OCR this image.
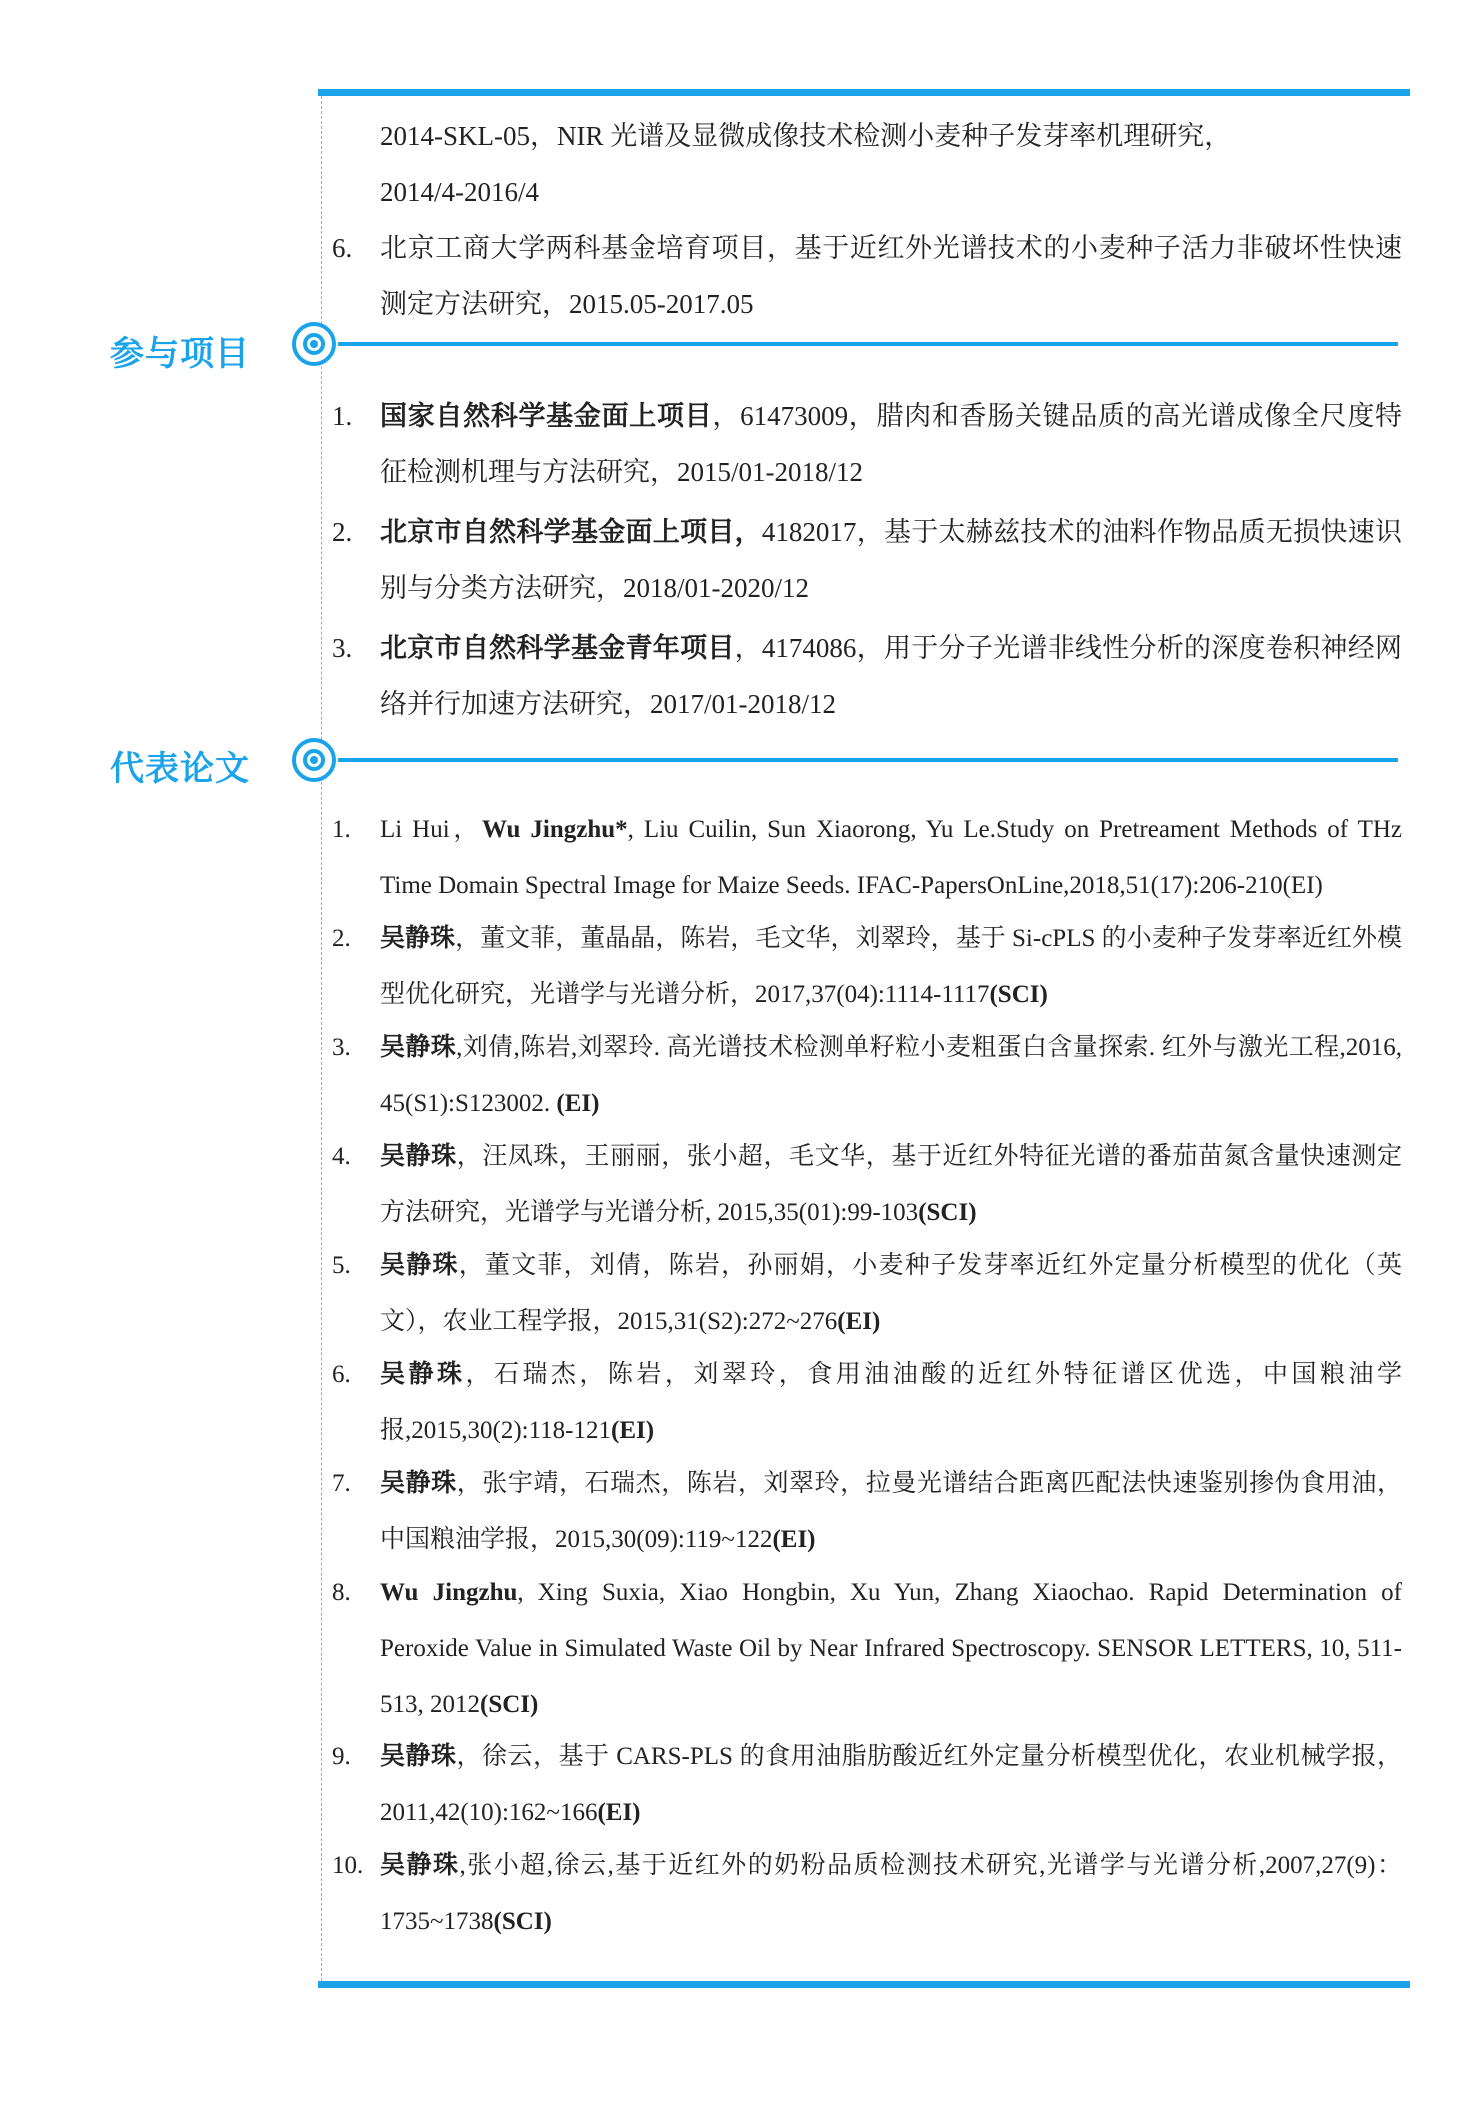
2014-SKL-05，NIR 光谱及显微成像技术检测小麦种子发芽率机理研究，
2014/4-2016/4
6. 北京工商大学两科基金培育项目，基于近红外光谱技术的小麦种子活力非破坏性快速测定方法研究，2015.05-2017.05
参与项目
1. 国家自然科学基金面上项目，61473009，腊肉和香肠关键品质的高光谱成像全尺度特征检测机理与方法研究，2015/01-2018/12
2. 北京市自然科学基金面上项目，4182017，基于太赫兹技术的油料作物品质无损快速识别与分类方法研究，2018/01-2020/12
3. 北京市自然科学基金青年项目，4174086，用于分子光谱非线性分析的深度卷积神经网络并行加速方法研究，2017/01-2018/12
代表论文
1. Li Hui，Wu Jingzhu*, Liu Cuilin, Sun Xiaorong, Yu Le.Study on Pretreament Methods of THz Time Domain Spectral Image for Maize Seeds. IFAC-PapersOnLine,2018,51(17):206-210(EI)
2. 吴静珠，董文菲，董晶晶，陈岩，毛文华，刘翠玲，基于 Si-cPLS 的小麦种子发芽率近红外模型优化研究，光谱学与光谱分析，2017,37(04):1114-1117(SCI)
3. 吴静珠,刘倩,陈岩,刘翠玲. 高光谱技术检测单籽粒小麦粗蛋白含量探索. 红外与激光工程,2016, 45(S1):S123002. (EI)
4. 吴静珠，汪凤珠，王丽丽，张小超，毛文华，基于近红外特征光谱的番茄苗氮含量快速测定方法研究，光谱学与光谱分析, 2015,35(01):99-103(SCI)
5. 吴静珠，董文菲，刘倩，陈岩，孙丽娟，小麦种子发芽率近红外定量分析模型的优化（英文），农业工程学报，2015,31(S2):272~276(EI)
6. 吴静珠，石瑞杰，陈岩，刘翠玲，食用油油酸的近红外特征谱区优选，中国粮油学报,2015,30(2):118-121(EI)
7. 吴静珠，张宇靖，石瑞杰，陈岩，刘翠玲，拉曼光谱结合距离匹配法快速鉴别掺伪食用油，中国粮油学报，2015,30(09):119~122(EI)
8. Wu Jingzhu, Xing Suxia, Xiao Hongbin, Xu Yun, Zhang Xiaochao. Rapid Determination of Peroxide Value in Simulated Waste Oil by Near Infrared Spectroscopy. SENSOR LETTERS, 10, 511-513, 2012(SCI)
9. 吴静珠，徐云，基于 CARS-PLS 的食用油脂肪酸近红外定量分析模型优化，农业机械学报，2011,42(10):162~166(EI)
10. 吴静珠,张小超,徐云,基于近红外的奶粉品质检测技术研究,光谱学与光谱分析,2007,27(9)：1735~1738(SCI)
